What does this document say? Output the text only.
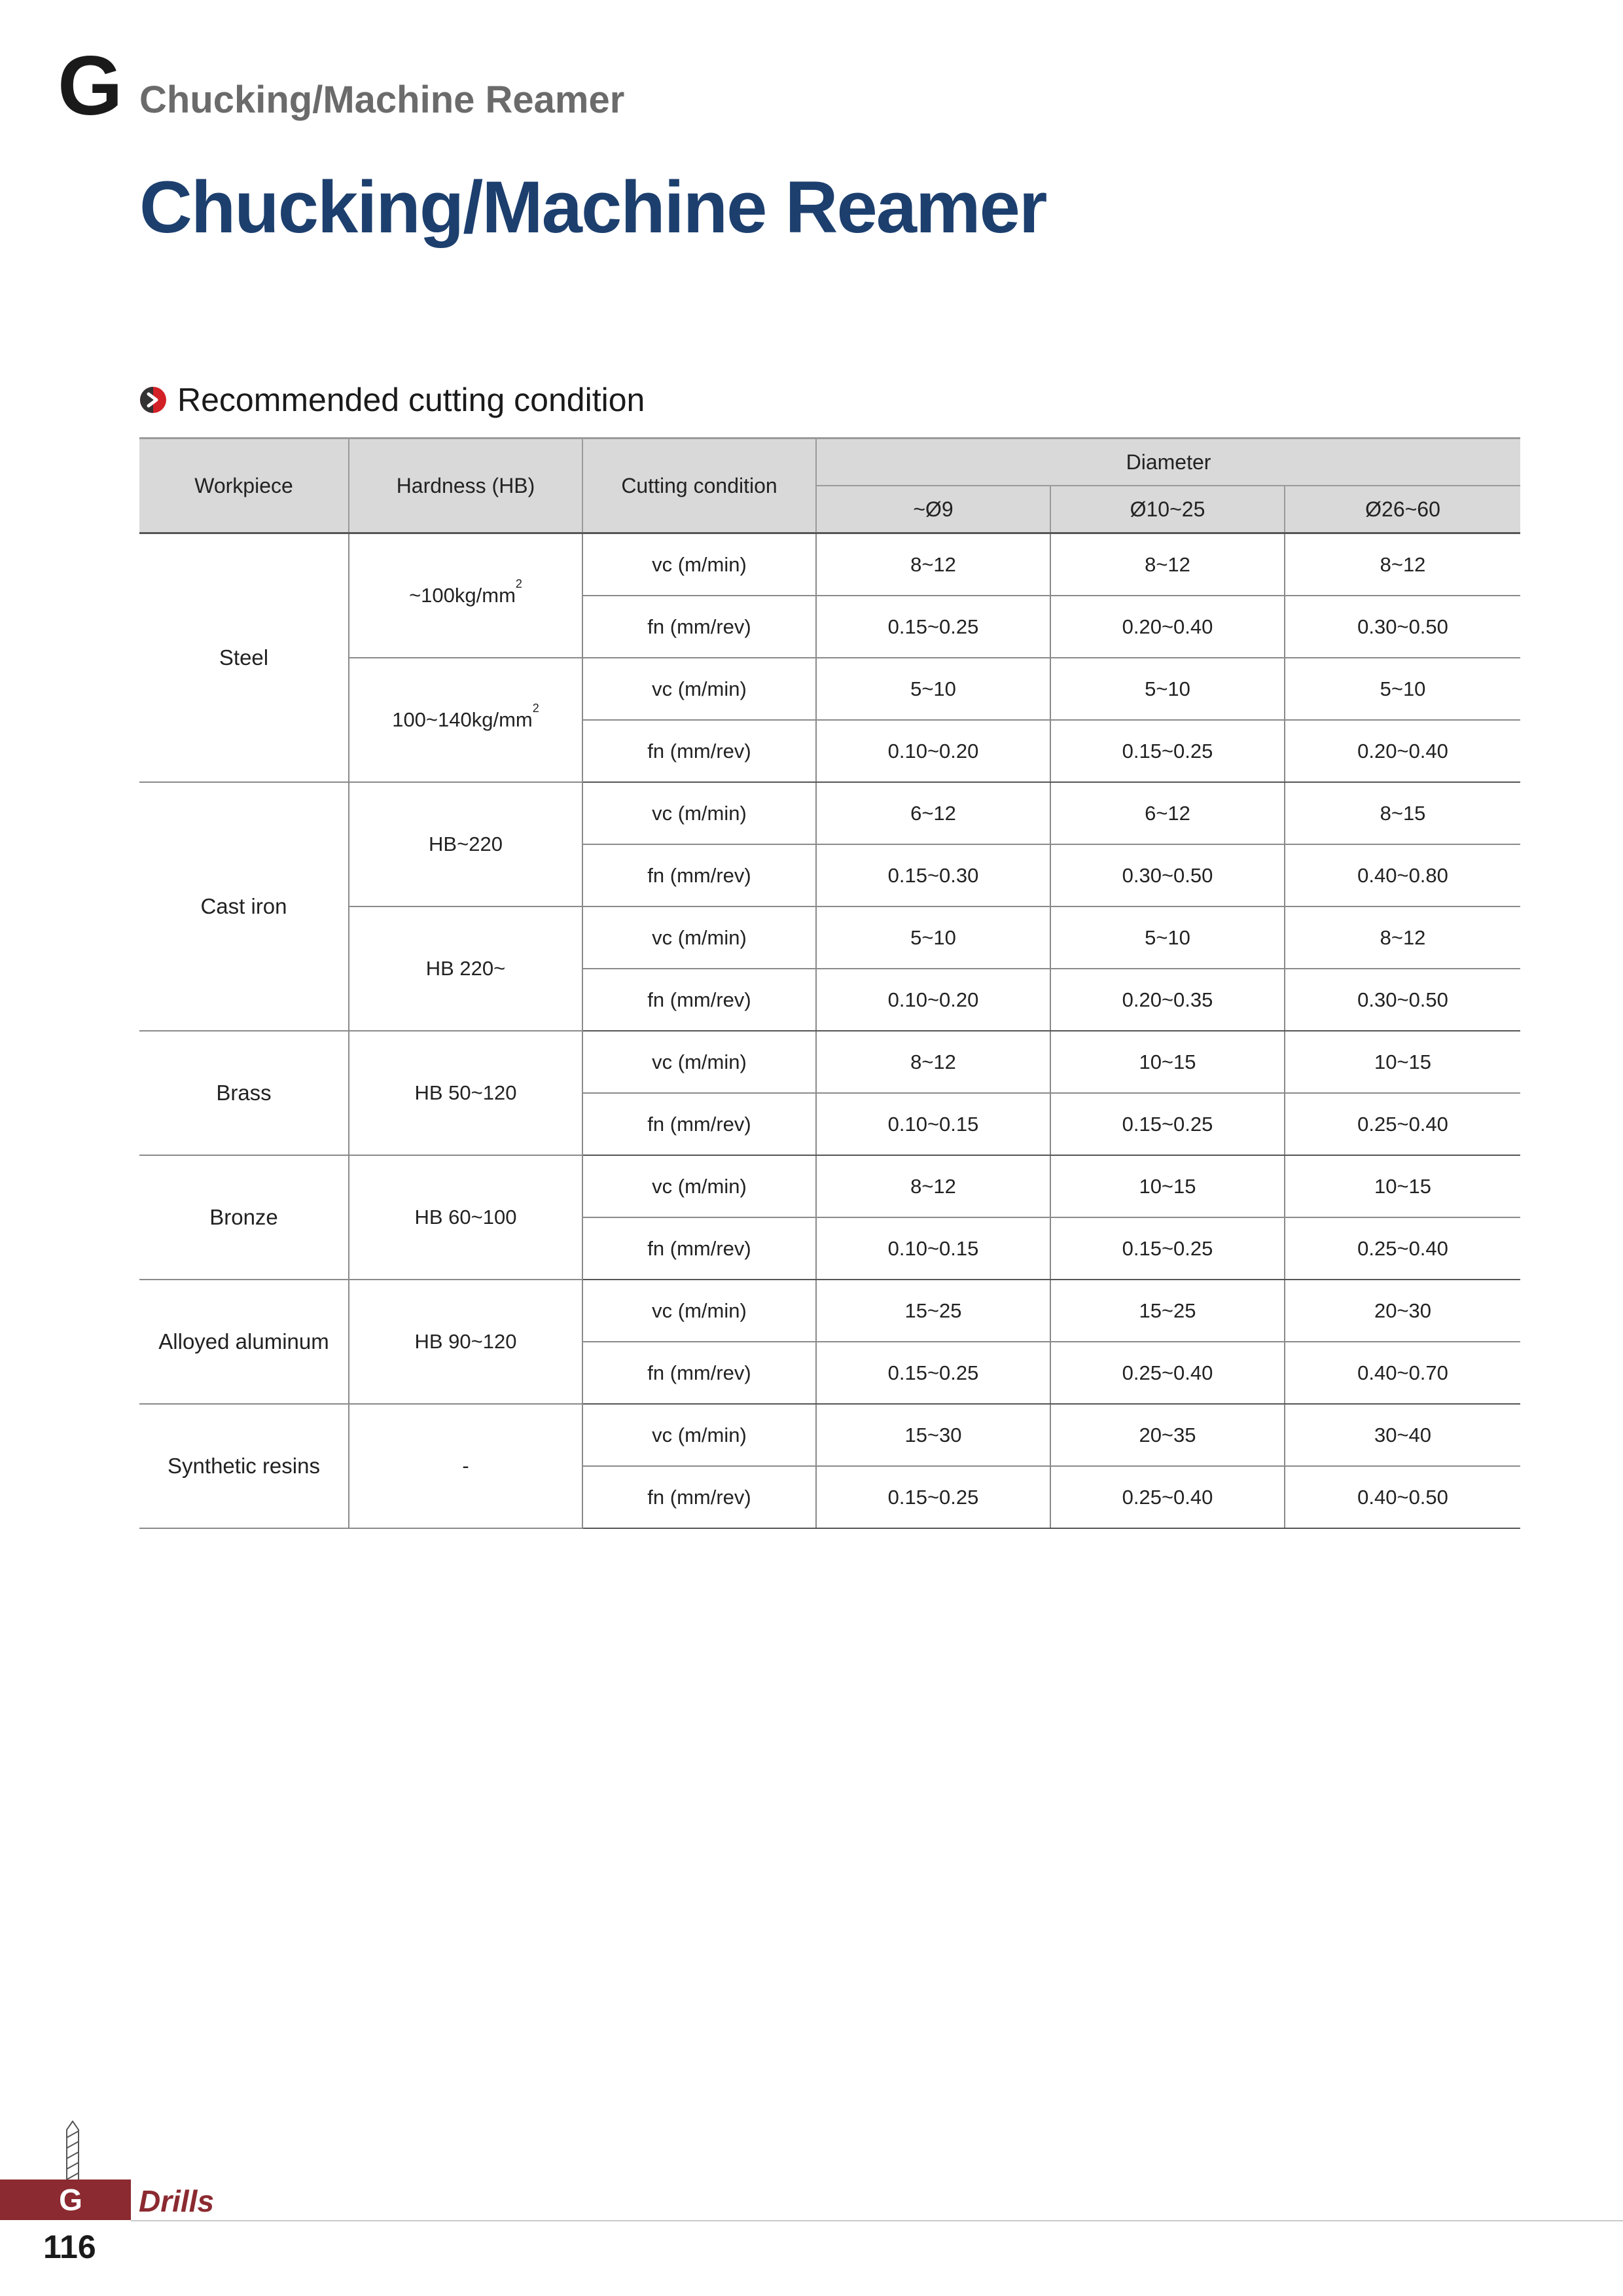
G Chucking/Machine Reamer
Chucking/Machine Reamer
Recommended cutting condition
Workpiece	Hardness (HB)	Cutting condition	Diameter		
			~Ø9	Ø10~25	Ø26~60
Steel	$\sim 100kg/mm^2$	vc (m/min)	8~12	8~12	8~12
		fn (mm/rev)	0.15~0.25	0.20~0.40	0.30~0.50
	$100\sim 140kg/mm^2$	vc (m/min)	5~10	5~10	5~10
		fn (mm/rev)	0.10~0.20	0.15~0.25	0.20~0.40
Cast iron	HB~220	vc (m/min)	6~12	6~12	8~15
		fn (mm/rev)	0.15~0.30	0.30~0.50	0.40~0.80
	HB 220~	vc (m/min)	5~10	5~10	8~12
		fn (mm/rev)	0.10~0.20	0.20~0.35	0.30~0.50
Brass	HB 50~120	vc (m/min)	8~12	10~15	10~15
		fn (mm/rev)	0.10~0.15	0.15~0.25	0.25~0.40
Bronze	HB 60~100	vc (m/min)	8~12	10~15	10~15
		fn (mm/rev)	0.10~0.15	0.15~0.25	0.25~0.40
Alloyed aluminum	HB 90~120	vc (m/min)	15~25	15~25	20~30
		fn (mm/rev)	0.15~0.25	0.25~0.40	0.40~0.70
Synthetic resins	-	vc (m/min)	15~30	20~35	30~40
		fn (mm/rev)	0.15~0.25	0.25~0.40	0.40~0.50
G Drills
116
